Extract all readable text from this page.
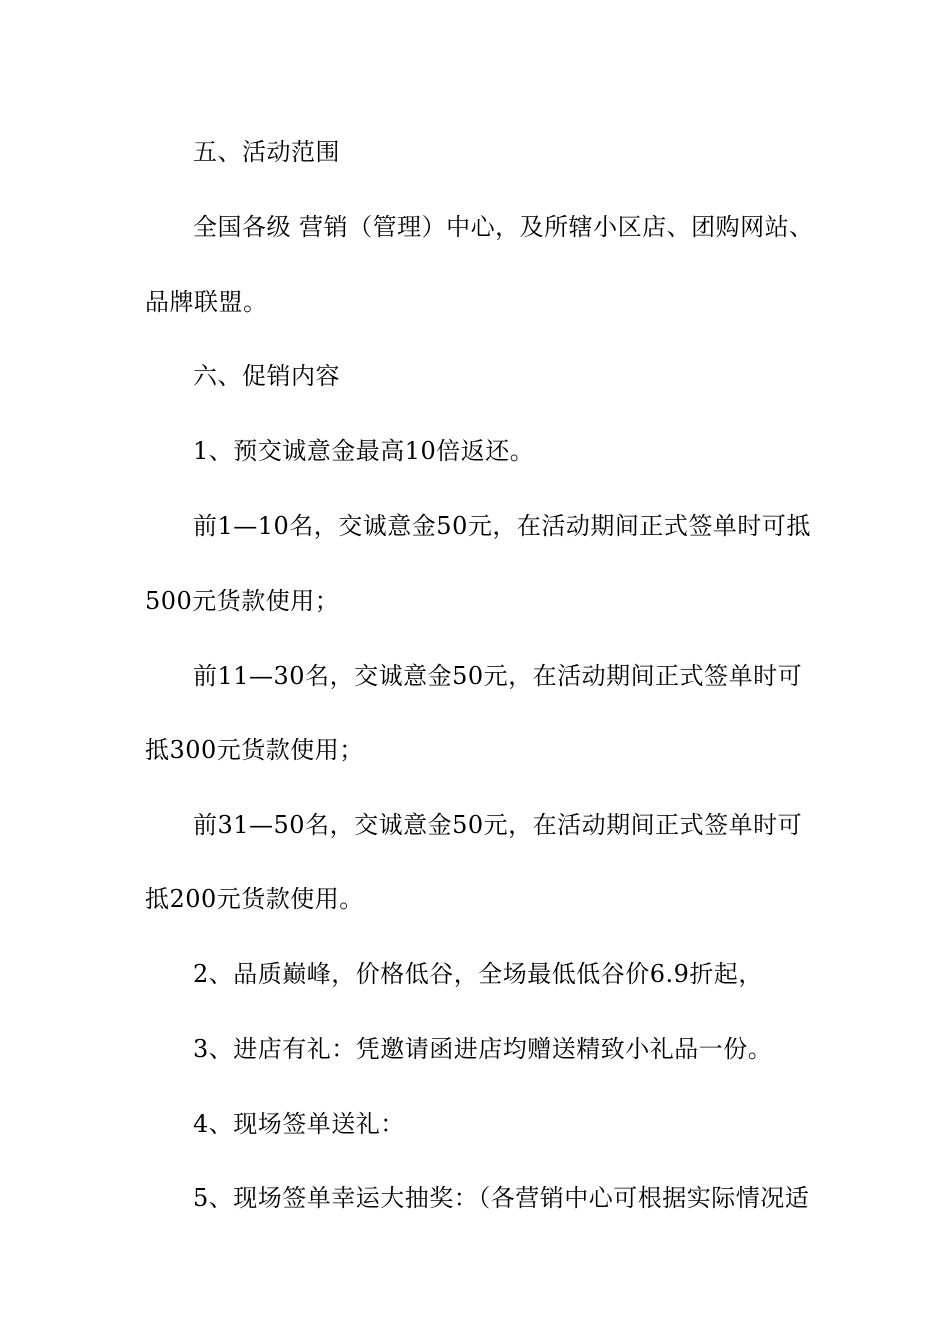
五、活动范围
全国各级 营销（管理）中心，及所辖小区店、团购网站、
品牌联盟。
六、促销内容
1、预交诚意金最高10倍返还。
前1—10名，交诚意金50元，在活动期间正式签单时可抵
500元货款使用；
前11—30名，交诚意金50元，在活动期间正式签单时可
抵300元货款使用；
前31—50名，交诚意金50元，在活动期间正式签单时可
抵200元货款使用。
2、品质巅峰，价格低谷，全场最低低谷价6.9折起，
3、进店有礼：凭邀请函进店均赠送精致小礼品一份。
4、现场签单送礼：
5、现场签单幸运大抽奖：（各营销中心可根据实际情况适
